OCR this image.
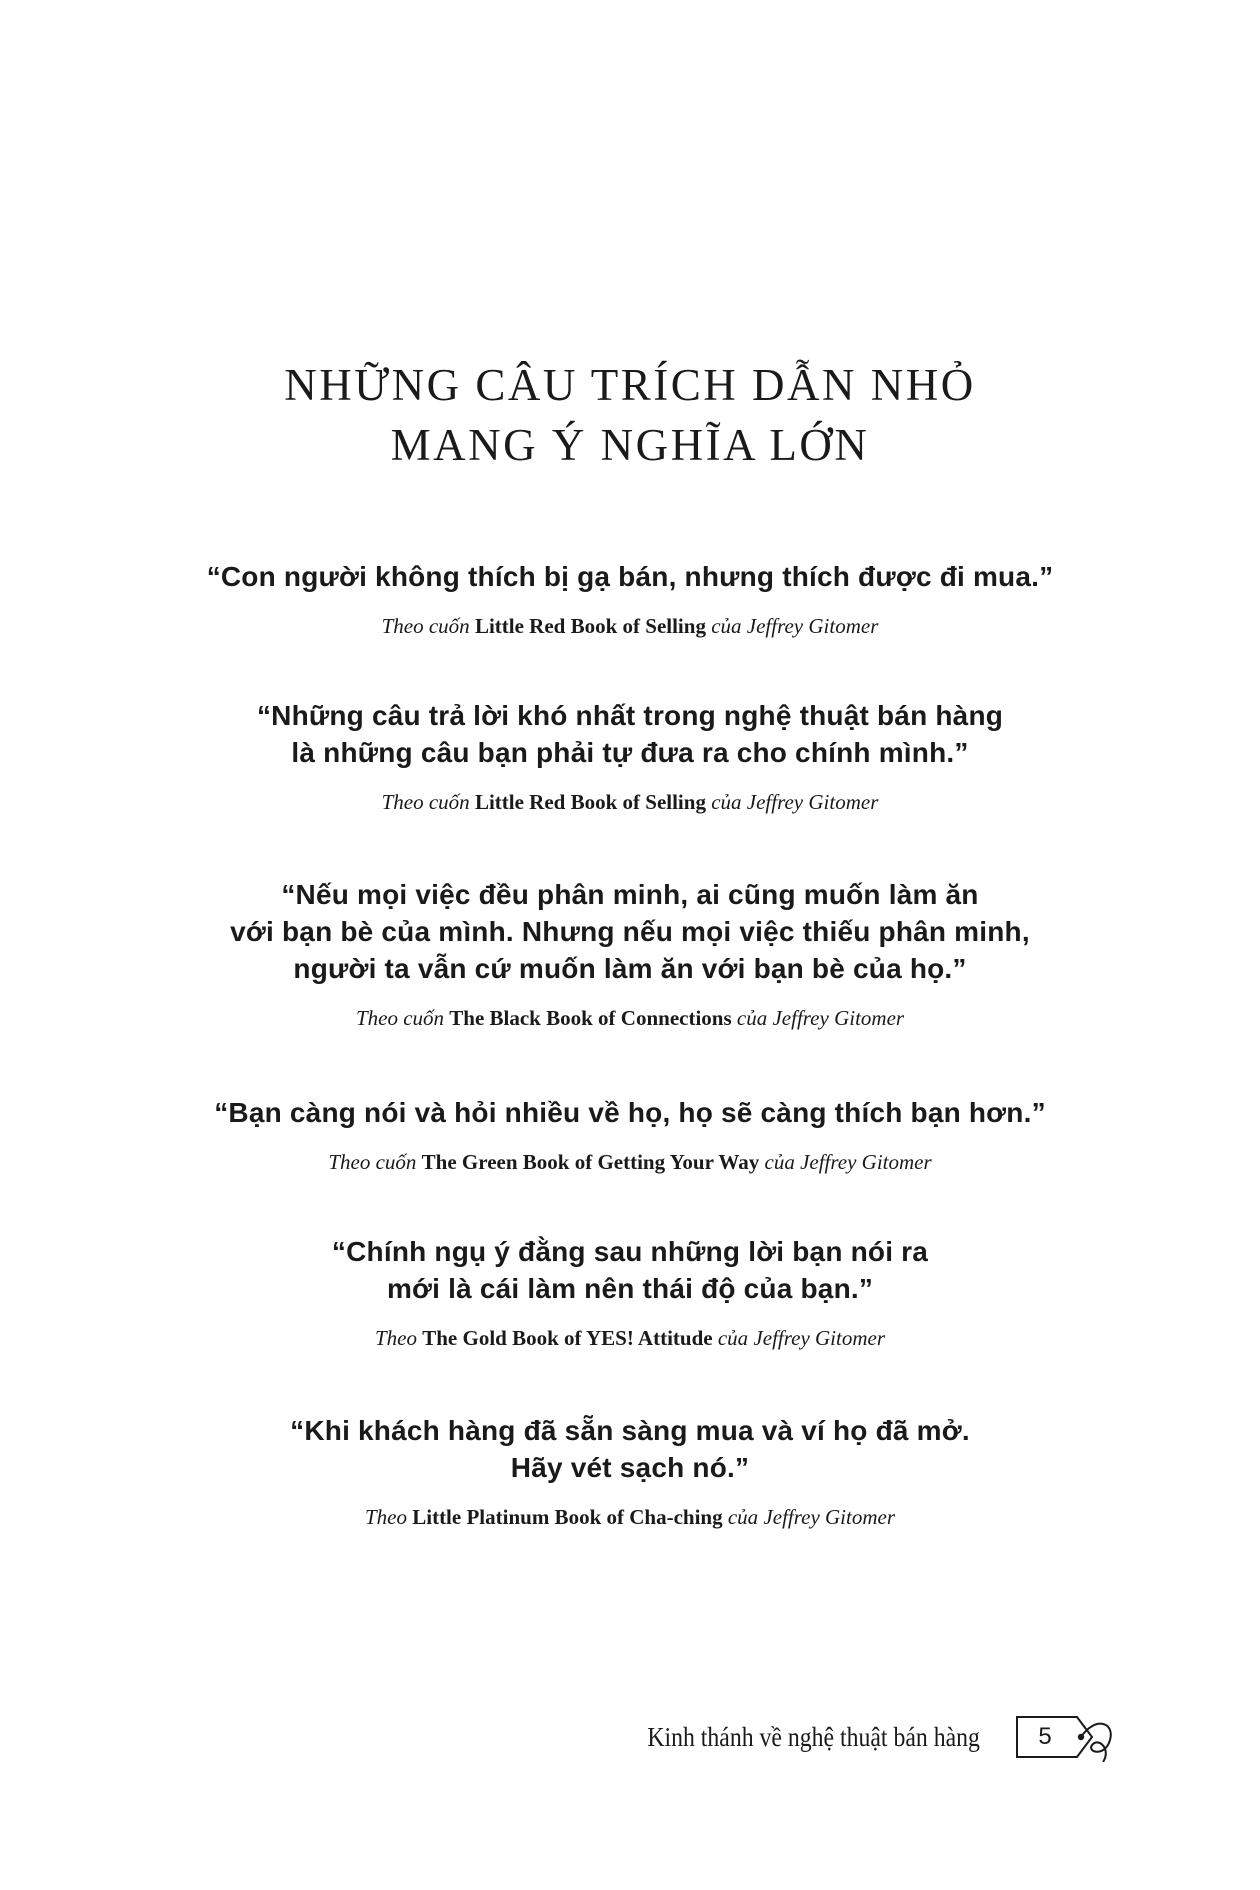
NHỮNG CÂU TRÍCH DẪN NHỎ
MANG Ý NGHĨA LỚN
“Con người không thích bị gạ bán, nhưng thích được đi mua.”
Theo cuốn Little Red Book of Selling của Jeffrey Gitomer
“Những câu trả lời khó nhất trong nghệ thuật bán hàng
là những câu bạn phải tự đưa ra cho chính mình.”
Theo cuốn Little Red Book of Selling của Jeffrey Gitomer
“Nếu mọi việc đều phân minh, ai cũng muốn làm ăn
với bạn bè của mình. Nhưng nếu mọi việc thiếu phân minh,
người ta vẫn cứ muốn làm ăn với bạn bè của họ.”
Theo cuốn The Black Book of Connections của Jeffrey Gitomer
“Bạn càng nói và hỏi nhiều về họ, họ sẽ càng thích bạn hơn.”
Theo cuốn The Green Book of Getting Your Way của Jeffrey Gitomer
“Chính ngụ ý đằng sau những lời bạn nói ra
mới là cái làm nên thái độ của bạn.”
Theo The Gold Book of YES! Attitude của Jeffrey Gitomer
“Khi khách hàng đã sẵn sàng mua và ví họ đã mở.
Hãy vét sạch nó.”
Theo Little Platinum Book of Cha-ching của Jeffrey Gitomer
Kinh thánh về nghệ thuật bán hàng	5
